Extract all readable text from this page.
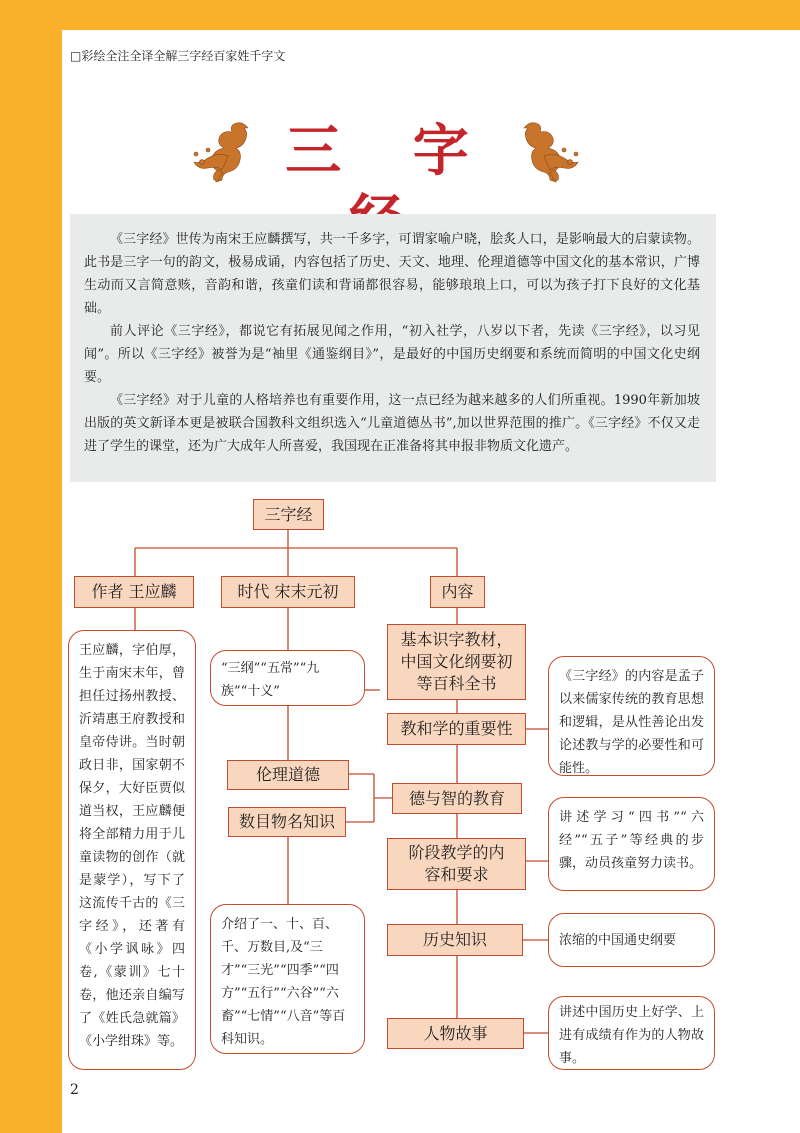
□彩绘全注全译全解三字经百家姓千字文
三 字

《三字经》世传为南宋王应麟撰写，共一千多字，可谓家喻户晓，脍炙人口，是影响最大的启蒙读物。此书是三字一句的韵文，极易成诵，内容包括了历史、天文、地理、伦理道德等中国文化的基本常识，广博生动而又言简意赅，音韵和谐，孩童们读和背诵都很容易，能够琅琅上口，可以为孩子打下良好的文化基础。

前人评论《三字经》，都说它有拓展见闻之作用，“初入社学，八岁以下者，先读《三字经》，以习见闻”。所以《三字经》被誉为是“袖里《通鉴纲目》”，是最好的中国历史纲要和系统而简明的中国文化史纲要。

《三字经》对于儿童的人格培养也有重要作用，这一点已经为越来越多的人们所重视。1990年新加坡出版的英文新译本更是被联合国教科文组织选入“儿童道德丛书”,加以世界范围的推广。《三字经》不仅又走进了学生的课堂，还为广大成年人所喜爱，我国现在正准备将其申报非物质文化遗产。

三字经
作者 王应麟	时代 宋末元初	内容
王应麟，字伯厚，生于南宋末年，曾担任过扬州教授、沂靖惠王府教授和皇帝侍讲。当时朝政日非，国家朝不保夕，大好臣贾似道当权，王应麟便将全部精力用于儿童读物的创作（就是蒙学），写下了这流传千古的《三字经》，还著有《小学讽咏》四卷,《蒙训》七十卷，他还亲自编写了《姓氏急就篇》《小学绀珠》等。
“三纲”“五常”“九族”“十义”
伦理道德
数目物名知识
介绍了一、十、百、千、万数目,及“三才”“三光”“四季”“四方”“五行”“六谷”“六畜”“七情”“八音”等百科知识。
基本识字教材，中国文化纲要初等百科全书
教和学的重要性
德与智的教育
阶段教学的内容和要求
历史知识
人物故事
《三字经》的内容是孟子以来儒家传统的教育思想和逻辑，是从性善论出发论述教与学的必要性和可能性。
讲述学习“四书”“六经”“五子”等经典的步骤，动员孩童努力读书。
浓缩的中国通史纲要
讲述中国历史上好学、上进有成绩有作为的人物故事。
2
